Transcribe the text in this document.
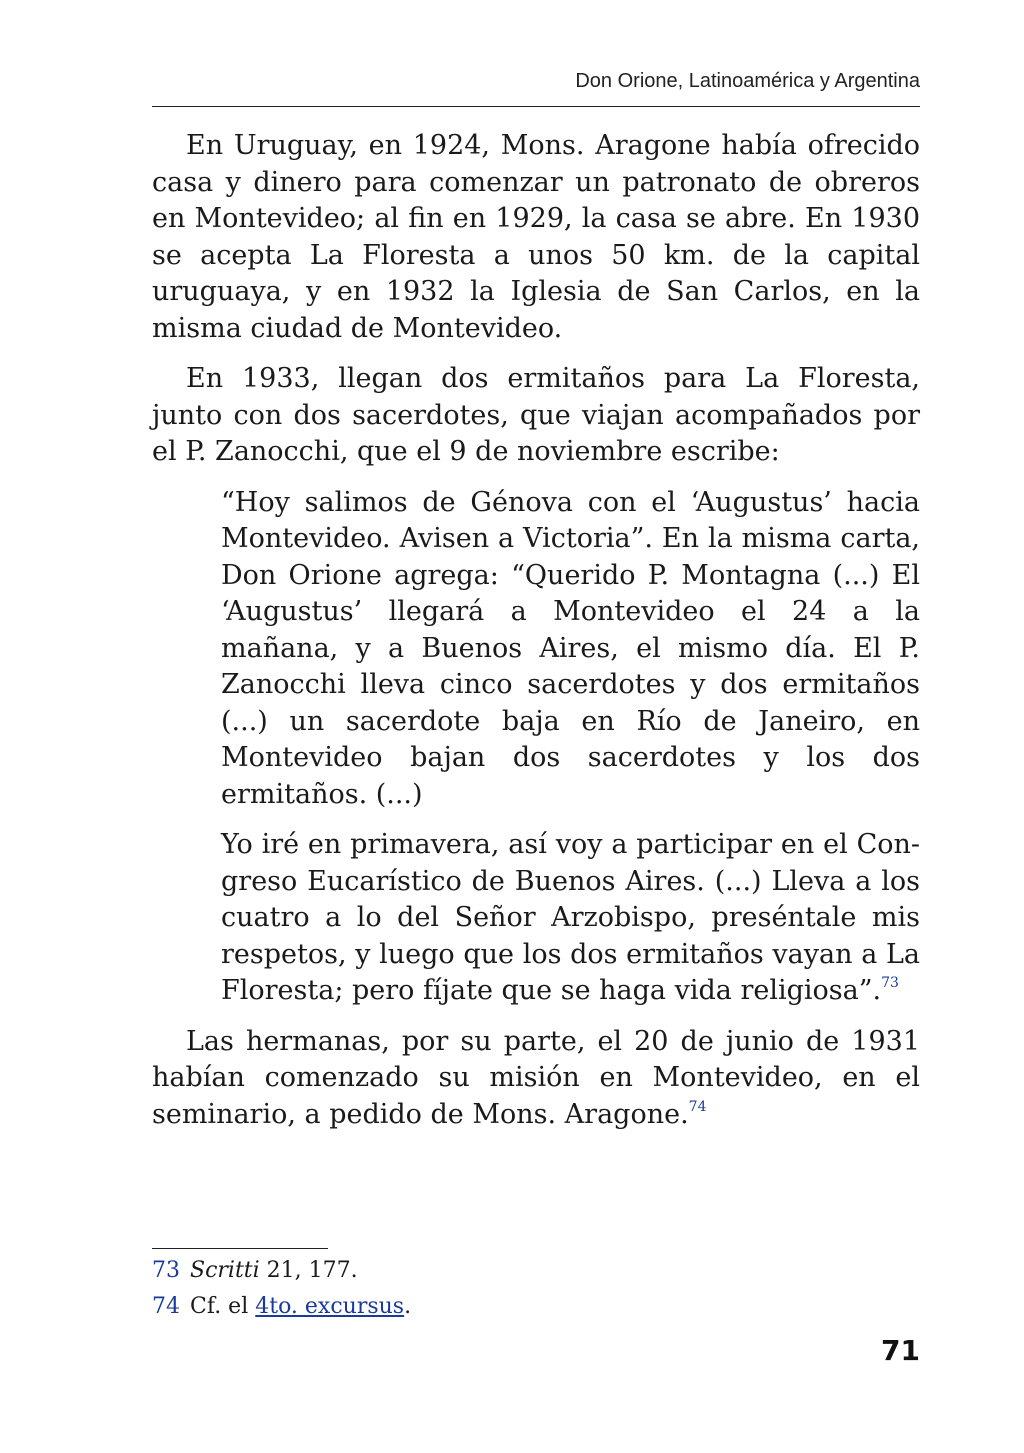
Don Orione, Latinoamérica y Argentina

En Uruguay, en 1924, Mons. Aragone había ofrecido casa y dinero para comenzar un patronato de obreros en Montevideo; al fin en 1929, la casa se abre. En 1930 se acepta La Floresta a unos 50 km. de la capital uruguaya, y en 1932 la Iglesia de San Carlos, en la misma ciudad de Montevideo.

En 1933, llegan dos ermitaños para La Floresta, junto con dos sacerdotes, que viajan acompañados por el P. Zanocchi, que el 9 de noviembre escribe:

“Hoy salimos de Génova con el ‘Augustus’ hacia Montevideo. Avisen a Victoria”. En la misma carta, Don Orione agrega: “Querido P. Montagna (...) El ‘Augustus’ llegará a Montevideo el 24 a la mañana, y a Buenos Aires, el mismo día. El P. Zanocchi lleva cinco sacerdotes y dos ermitaños (...) un sacerdote baja en Río de Janeiro, en Montevideo bajan dos sacerdotes y los dos ermitaños. (...)

Yo iré en primavera, así voy a participar en el Congreso Eucarístico de Buenos Aires. (...) Lleva a los cuatro a lo del Señor Arzobispo, preséntale mis respetos, y luego que los dos ermitaños vayan a La Floresta; pero fíjate que se haga vida religiosa”.$^{73}$

Las hermanas, por su parte, el 20 de junio de 1931 habían comenzado su misión en Montevideo, en el seminario, a pedido de Mons. Aragone.$^{74}$

73 Scritti 21, 177.
74 Cf. el 4to. excursus.
71
